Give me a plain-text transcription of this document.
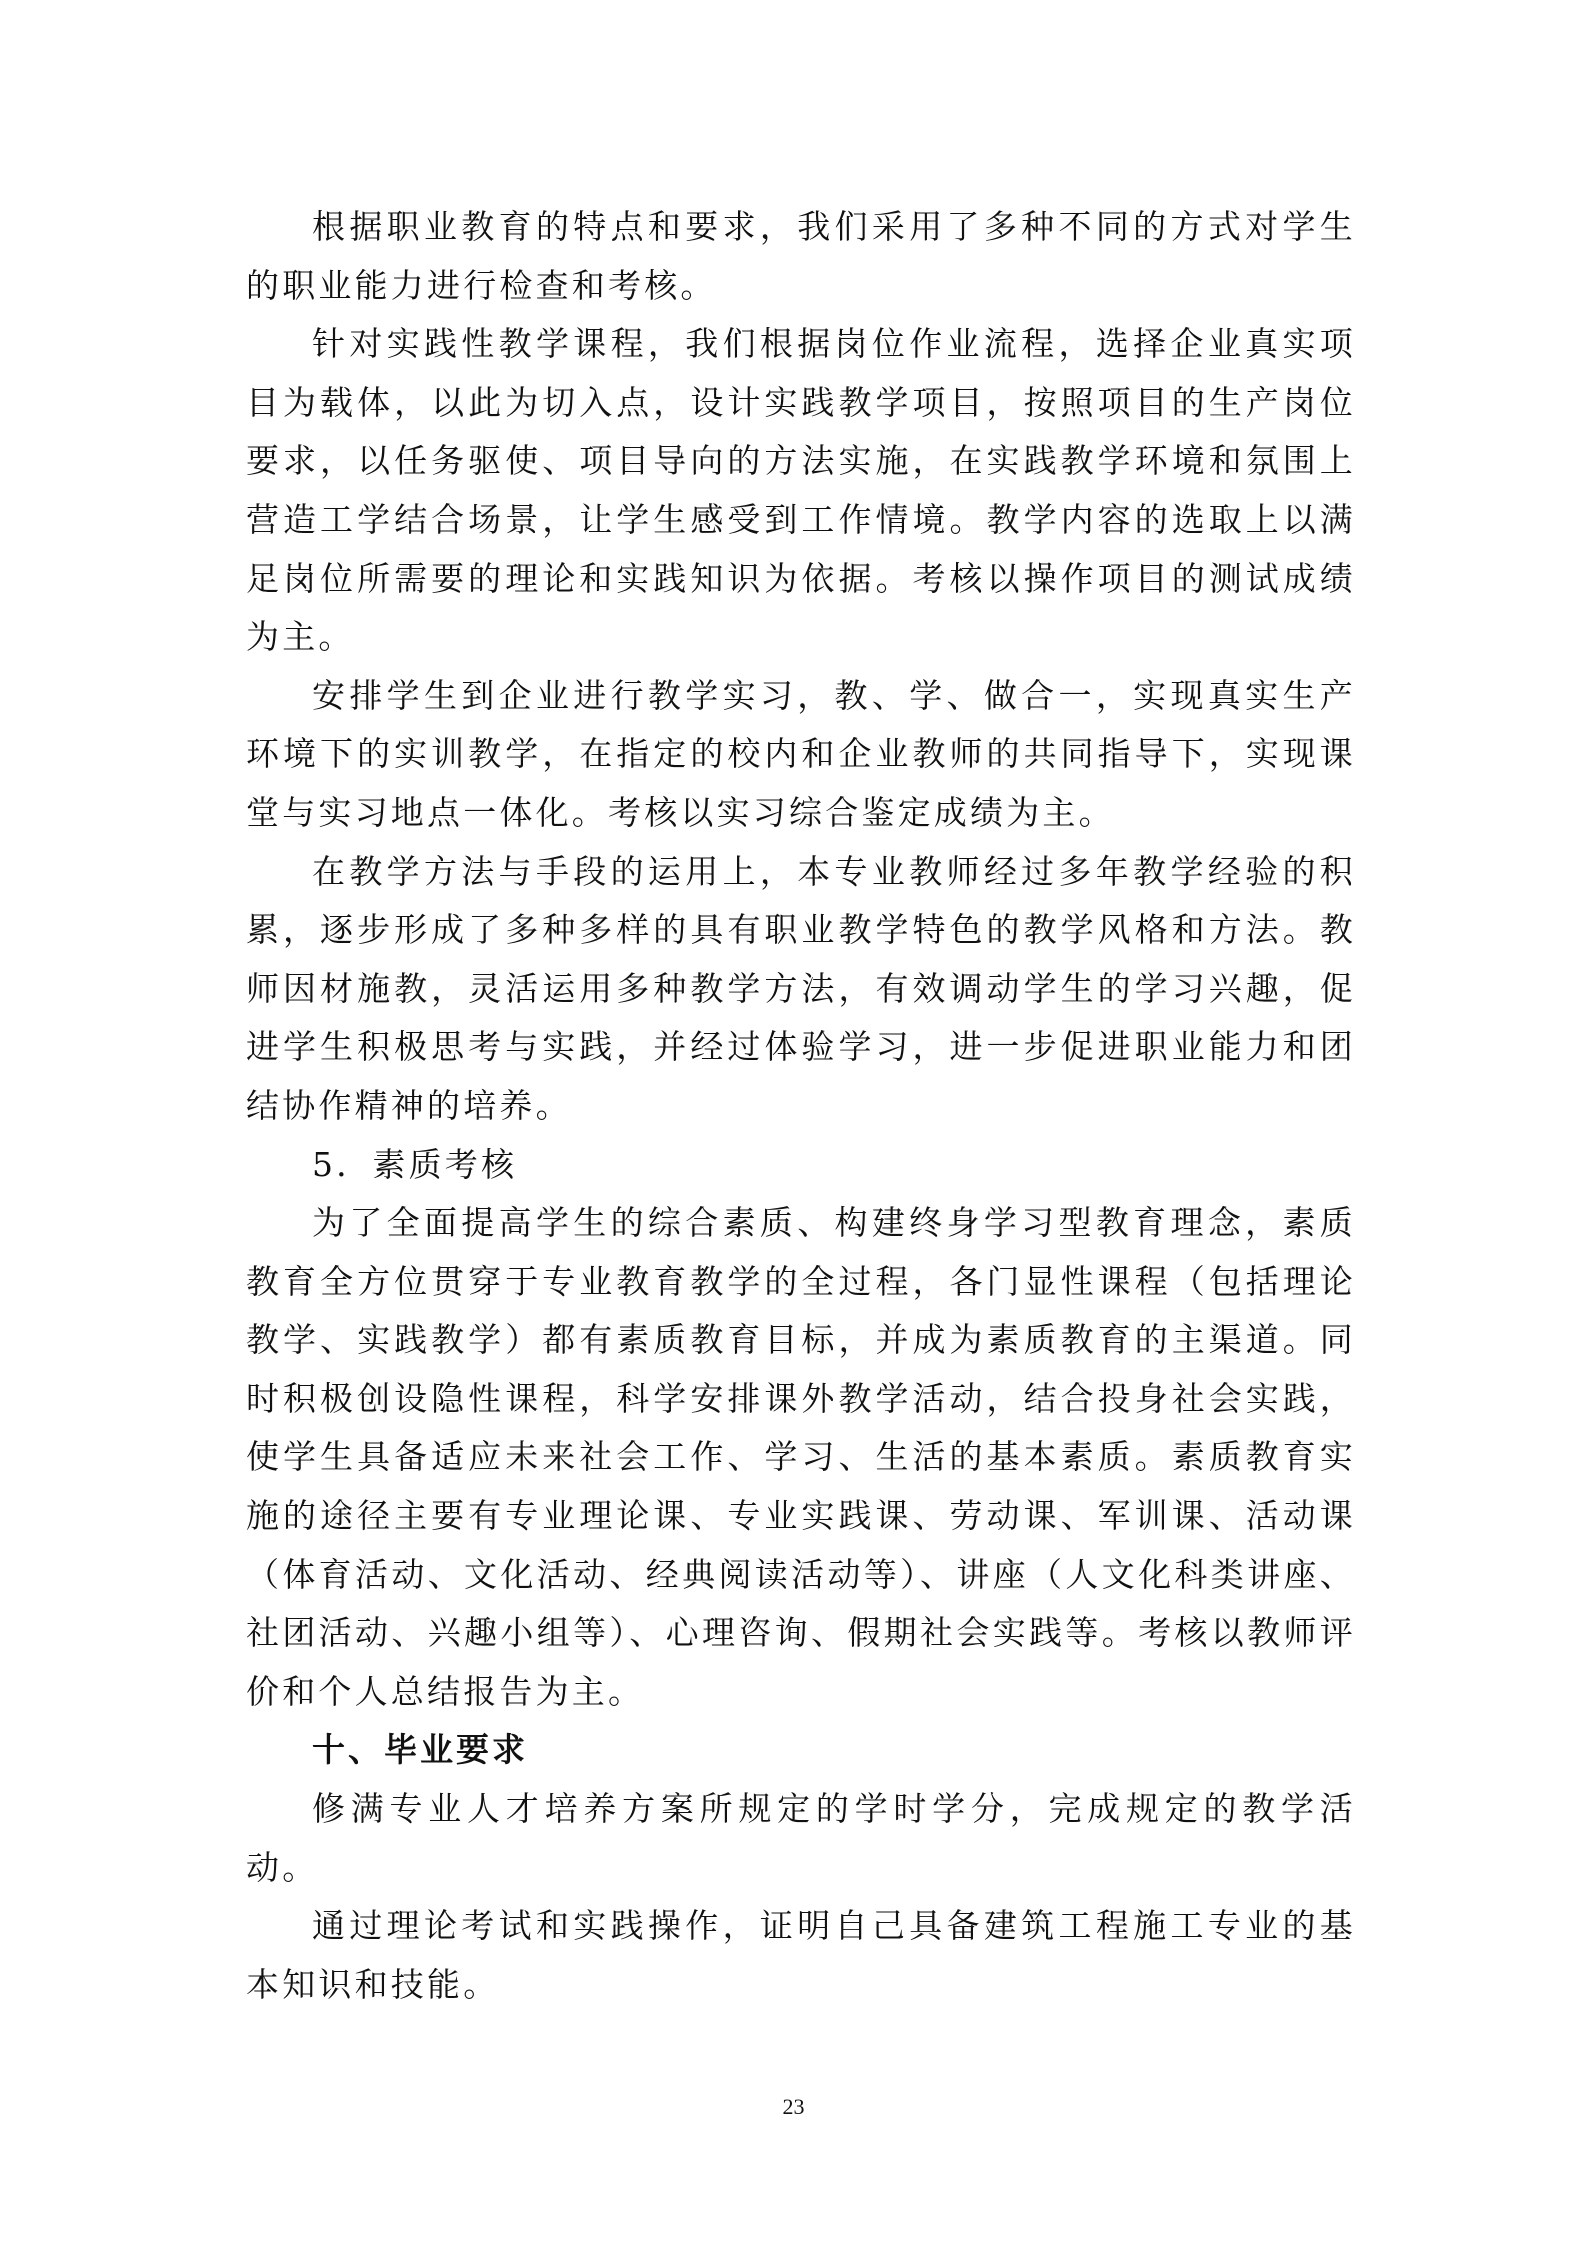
根据职业教育的特点和要求，我们采用了多种不同的方式对学生的职业能力进行检查和考核。

针对实践性教学课程，我们根据岗位作业流程，选择企业真实项目为载体，以此为切入点，设计实践教学项目，按照项目的生产岗位要求，以任务驱使、项目导向的方法实施，在实践教学环境和氛围上营造工学结合场景，让学生感受到工作情境。教学内容的选取上以满足岗位所需要的理论和实践知识为依据。考核以操作项目的测试成绩为主。

安排学生到企业进行教学实习，教、学、做合一，实现真实生产环境下的实训教学，在指定的校内和企业教师的共同指导下，实现课堂与实习地点一体化。考核以实习综合鉴定成绩为主。

在教学方法与手段的运用上，本专业教师经过多年教学经验的积累，逐步形成了多种多样的具有职业教学特色的教学风格和方法。教师因材施教，灵活运用多种教学方法，有效调动学生的学习兴趣，促进学生积极思考与实践，并经过体验学习，进一步促进职业能力和团结协作精神的培养。

5．素质考核

为了全面提高学生的综合素质、构建终身学习型教育理念，素质教育全方位贯穿于专业教育教学的全过程，各门显性课程（包括理论教学、实践教学）都有素质教育目标，并成为素质教育的主渠道。同时积极创设隐性课程，科学安排课外教学活动，结合投身社会实践，使学生具备适应未来社会工作、学习、生活的基本素质。素质教育实施的途径主要有专业理论课、专业实践课、劳动课、军训课、活动课（体育活动、文化活动、经典阅读活动等）、讲座（人文化科类讲座、社团活动、兴趣小组等）、心理咨询、假期社会实践等。考核以教师评价和个人总结报告为主。

十、毕业要求

修满专业人才培养方案所规定的学时学分，完成规定的教学活动。

通过理论考试和实践操作，证明自己具备建筑工程施工专业的基本知识和技能。

23
